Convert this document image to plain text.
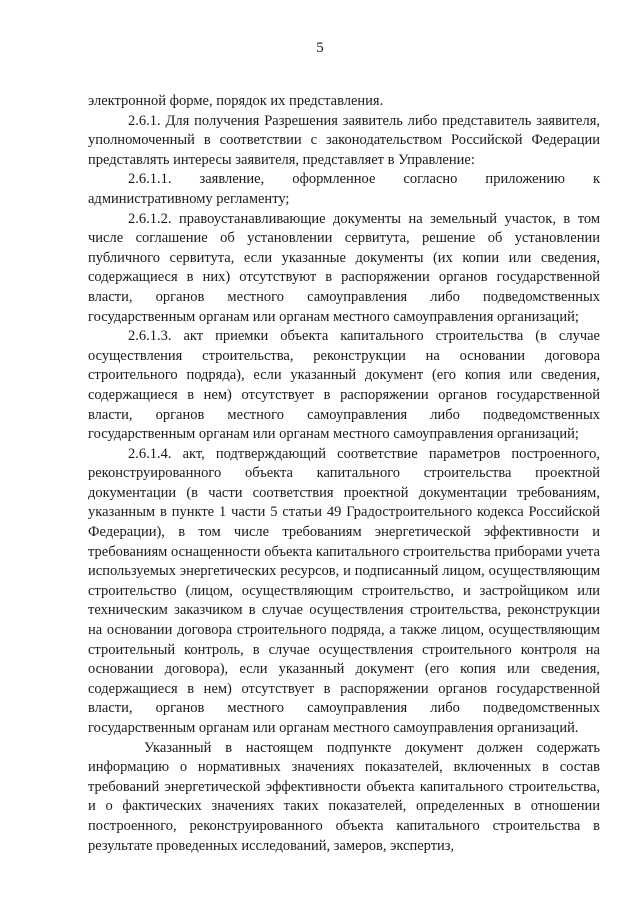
5

электронной форме, порядок их представления.

2.6.1. Для получения Разрешения заявитель либо представитель заявителя, уполномоченный в соответствии с законодательством Российской Федерации представлять интересы заявителя, представляет в Управление:

2.6.1.1. заявление, оформленное согласно приложению к административному регламенту;

2.6.1.2. правоустанавливающие документы на земельный участок, в том числе соглашение об установлении сервитута, решение об установлении публичного сервитута, если указанные документы (их копии или сведения, содержащиеся в них) отсутствуют в распоряжении органов государственной власти, органов местного самоуправления либо подведомственных государственным органам или органам местного самоуправления организаций;

2.6.1.3. акт приемки объекта капитального строительства (в случае осуществления строительства, реконструкции на основании договора строительного подряда), если указанный документ (его копия или сведения, содержащиеся в нем) отсутствует в распоряжении органов государственной власти, органов местного самоуправления либо подведомственных государственным органам или органам местного самоуправления организаций;

2.6.1.4. акт, подтверждающий соответствие параметров построенного, реконструированного объекта капитального строительства проектной документации (в части соответствия проектной документации требованиям, указанным в пункте 1 части 5 статьи 49 Градостроительного кодекса Российской Федерации), в том числе требованиям энергетической эффективности и требованиям оснащенности объекта капитального строительства приборами учета используемых энергетических ресурсов, и подписанный лицом, осуществляющим строительство (лицом, осуществляющим строительство, и застройщиком или техническим заказчиком в случае осуществления строительства, реконструкции на основании договора строительного подряда, а также лицом, осуществляющим строительный контроль, в случае осуществления строительного контроля на основании договора), если указанный документ (его копия или сведения, содержащиеся в нем) отсутствует в распоряжении органов государственной власти, органов местного самоуправления либо подведомственных государственным органам или органам местного самоуправления организаций.

Указанный в настоящем подпункте документ должен содержать информацию о нормативных значениях показателей, включенных в состав требований энергетической эффективности объекта капитального строительства, и о фактических значениях таких показателей, определенных в отношении построенного, реконструированного объекта капитального строительства в результате проведенных исследований, замеров, экспертиз,
